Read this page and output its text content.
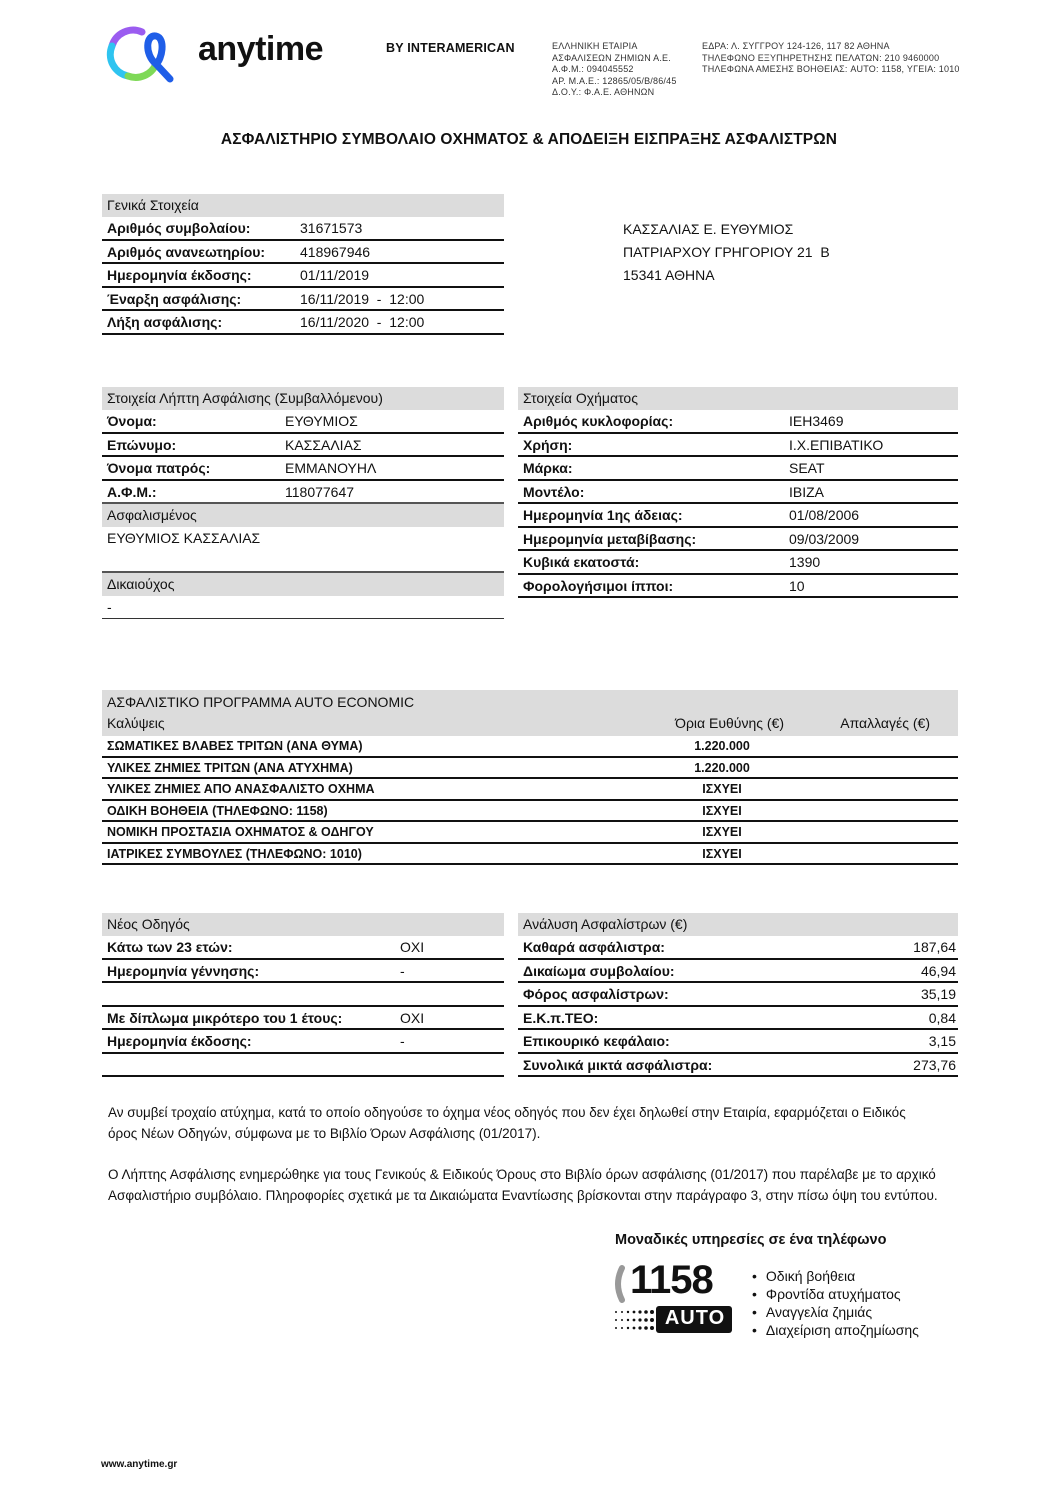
anytime	BY INTERAMERICAN	ΕΛΛΗΝΙΚΗ ΕΤΑΙΡΙΑ
ΑΣΦΑΛΙΣΕΩΝ ΖΗΜΙΩΝ Α.Ε.
Α.Φ.Μ.: 094045552
ΑΡ. Μ.Α.Ε.: 12865/05/Β/86/45
Δ.Ο.Υ.: Φ.Α.Ε. ΑΘΗΝΩΝ
ΕΔΡΑ: Λ. ΣΥΓΓΡΟΥ 124-126, 117 82 ΑΘΗΝΑ
ΤΗΛΕΦΩΝΟ ΕΞΥΠΗΡΕΤΗΣΗΣ ΠΕΛΑΤΩΝ: 210 9460000
ΤΗΛΕΦΩΝΑ ΑΜΕΣΗΣ ΒΟΗΘΕΙΑΣ: AUTO: 1158, ΥΓΕΙΑ: 1010
ΑΣΦΑΛΙΣΤΗΡΙΟ ΣΥΜΒΟΛΑΙΟ ΟΧΗΜΑΤΟΣ & ΑΠΟΔΕΙΞΗ ΕΙΣΠΡΑΞΗΣ ΑΣΦΑΛΙΣΤΡΩΝ
Γενικά Στοιχεία
Αριθμός συμβολαίου:	31671573
Αριθμός ανανεωτηρίου: 418967946
Ημερομηνία έκδοσης:	01/11/2019
Έναρξη ασφάλισης:	16/11/2019  -  12:00
Λήξη ασφάλισης:	16/11/2020  -  12:00
ΚΑΣΣΑΛΙΑΣ Ε. ΕΥΘΥΜΙΟΣ
ΠΑΤΡΙΑΡΧΟΥ ΓΡΗΓΟΡΙΟΥ 21  Β
15341 ΑΘΗΝΑ
Στοιχεία Λήπτη Ασφάλισης (Συμβαλλόμενου)
Όνομα:	ΕΥΘΥΜΙΟΣ
Επώνυμο:	ΚΑΣΣΑΛΙΑΣ
Όνομα πατρός:	ΕΜΜΑΝΟΥΗΛ
Α.Φ.Μ.:	118077647
Ασφαλισμένος
ΕΥΘΥΜΙΟΣ ΚΑΣΣΑΛΙΑΣ
Δικαιούχος
-
Στοιχεία Οχήματος
Αριθμός κυκλοφορίας:	ΙΕΗ3469
Χρήση:	Ι.Χ.ΕΠΙΒΑΤΙΚΟ
Μάρκα:	SEAT
Μοντέλο:	IBIZA
Ημερομηνία 1ης άδειας:	01/08/2006
Ημερομηνία μεταβίβασης:	09/03/2009
Κυβικά εκατοστά:	1390
Φορολογήσιμοι ίπποι:	10
ΑΣΦΑΛΙΣΤΙΚΟ ΠΡΟΓΡΑΜΜΑ AUTO ECONOMIC
Καλύψεις	Όρια Ευθύνης (€)	Απαλλαγές (€)
ΣΩΜΑΤΙΚΕΣ ΒΛΑΒΕΣ ΤΡΙΤΩΝ (ΑΝΑ ΘΥΜΑ)	1.220.000
ΥΛΙΚΕΣ ΖΗΜΙΕΣ ΤΡΙΤΩΝ (ΑΝΑ ΑΤΥΧΗΜΑ)	1.220.000
ΥΛΙΚΕΣ ΖΗΜΙΕΣ ΑΠΟ ΑΝΑΣΦΑΛΙΣΤΟ ΟΧΗΜΑ	ΙΣΧΥΕΙ
ΟΔΙΚΗ ΒΟΗΘΕΙΑ (ΤΗΛΕΦΩΝΟ: 1158)	ΙΣΧΥΕΙ
ΝΟΜΙΚΗ ΠΡΟΣΤΑΣΙΑ ΟΧΗΜΑΤΟΣ & ΟΔΗΓΟΥ	ΙΣΧΥΕΙ
ΙΑΤΡΙΚΕΣ ΣΥΜΒΟΥΛΕΣ (ΤΗΛΕΦΩΝΟ: 1010)	ΙΣΧΥΕΙ
Νέος Οδηγός
Κάτω των 23 ετών:	ΟΧΙ
Ημερομηνία γέννησης:	-
Με δίπλωμα μικρότερο του 1 έτους:	ΟΧΙ
Ημερομηνία έκδοσης:	-
Ανάλυση Ασφαλίστρων (€)
Καθαρά ασφάλιστρα:	187,64
Δικαίωμα συμβολαίου:	46,94
Φόρος ασφαλίστρων:	35,19
Ε.Κ.π.ΤΕΟ:	0,84
Επικουρικό κεφάλαιο:	3,15
Συνολικά μικτά ασφάλιστρα:	273,76
Αν συμβεί τροχαίο ατύχημα, κατά το οποίο οδηγούσε το όχημα νέος οδηγός που δεν έχει δηλωθεί στην Εταιρία, εφαρμόζεται ο Ειδικός όρος Νέων Οδηγών, σύμφωνα με το Βιβλίο Όρων Ασφάλισης (01/2017).
Ο Λήπτης Ασφάλισης ενημερώθηκε για τους Γενικούς & Ειδικούς Όρους στο Βιβλίο όρων ασφάλισης (01/2017) που παρέλαβε με το αρχικό Ασφαλιστήριο συμβόλαιο. Πληροφορίες σχετικά με τα Δικαιώματα Εναντίωσης βρίσκονται στην παράγραφο 3, στην πίσω όψη του εντύπου.
Μοναδικές υπηρεσίες σε ένα τηλέφωνο
1158
AUTO
• Οδική βοήθεια
• Φροντίδα ατυχήματος
• Αναγγελία ζημιάς
• Διαχείριση αποζημίωσης
www.anytime.gr
